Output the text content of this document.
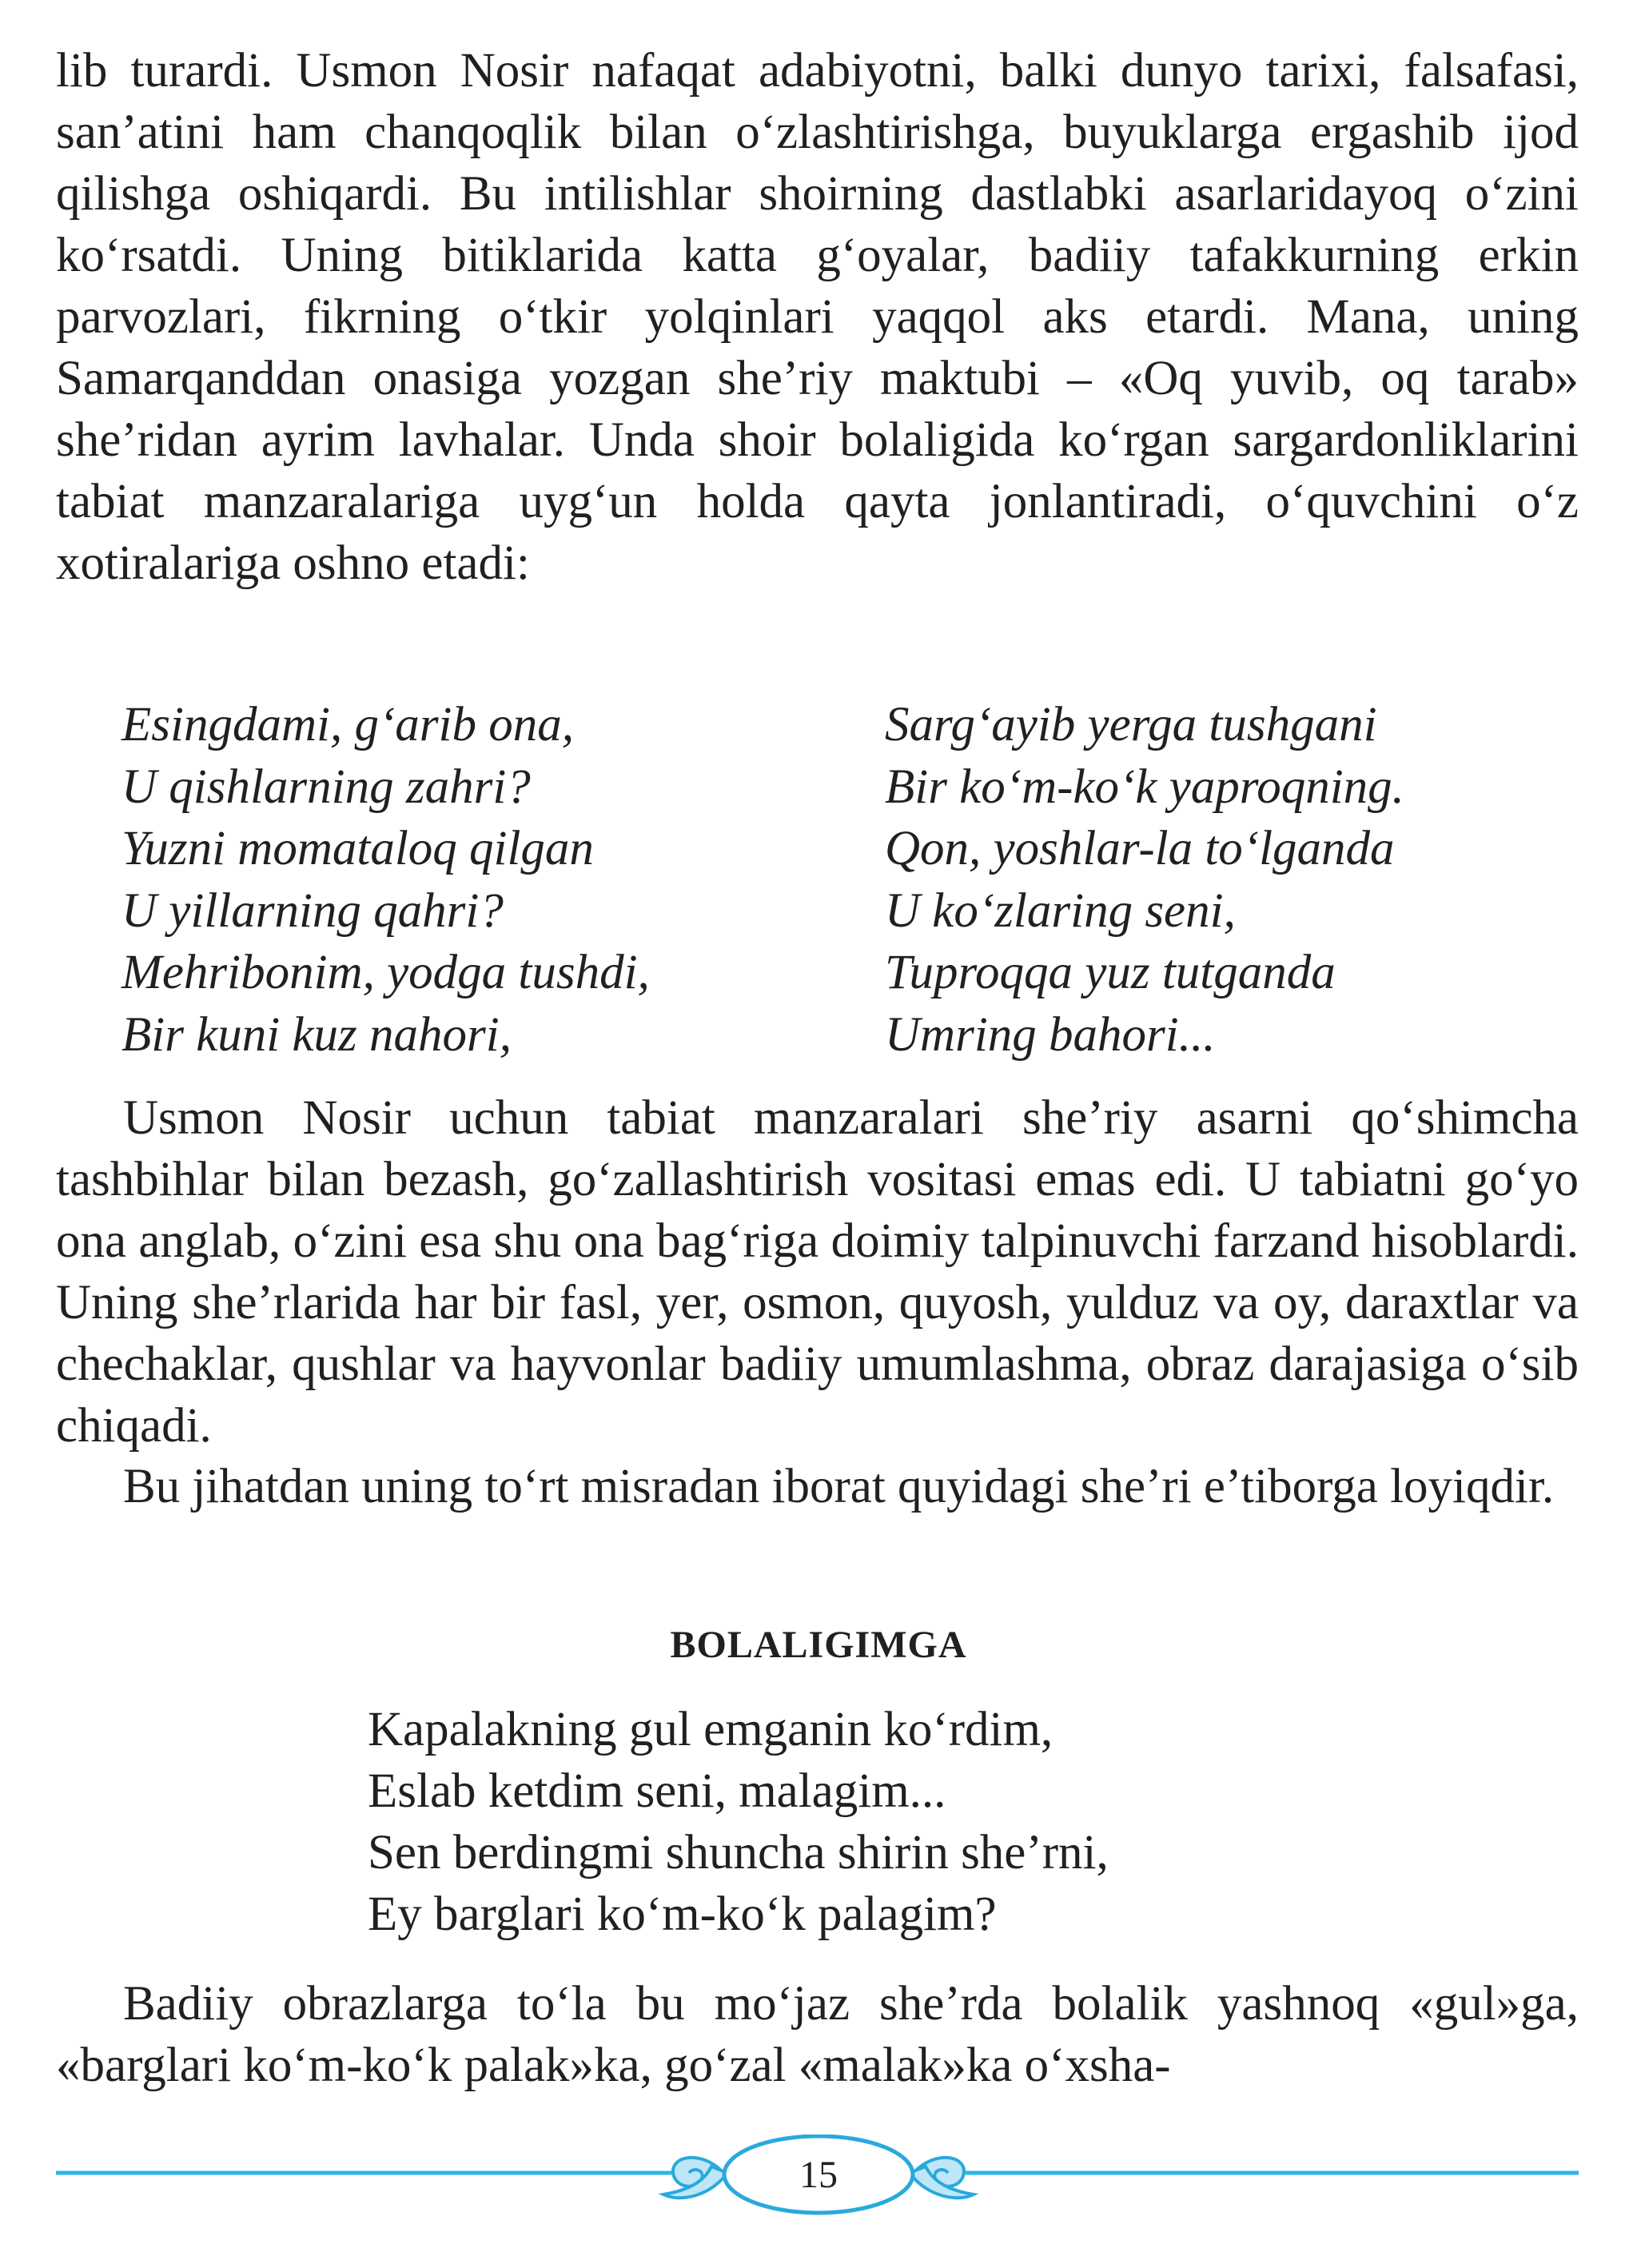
lib turardi. Usmon Nosir nafaqat adabiyotni, balki dunyo tarixi, falsafasi, san’atini ham chanqoqlik bilan o‘zlashtirishga, buyuklarga ergashib ijod qilishga oshiqardi. Bu intilishlar shoirning dastlabki asarlaridayoq o‘zini ko‘rsatdi. Uning bitiklarida katta g‘oyalar, badiiy tafakkurning erkin parvozlari, fikrning o‘tkir yolqinlari yaqqol aks etardi. Mana, uning Samarqanddan onasiga yozgan she’riy maktubi – «Oq yuvib, oq tarab» she’ridan ayrim lavhalar. Unda shoir bolaligida ko‘rgan sargardonliklarini tabiat manzaralariga uyg‘un holda qayta jonlantiradi, o‘quvchini o‘z xotiralariga oshno etadi:

Esingdami, g‘arib ona,
U qishlarning zahri?
Yuzni momataloq qilgan
U yillarning qahri?
Mehribonim, yodga tushdi,
Bir kuni kuz nahori,
Sarg‘ayib yerga tushgani
Bir ko‘m-ko‘k yaproqning.
Qon, yoshlar-la to‘lganda
U ko‘zlaring seni,
Tuproqqa yuz tutganda
Umring bahori...

Usmon Nosir uchun tabiat manzaralari she’riy asarni qo‘shimcha tashbihlar bilan bezash, go‘zallashtirish vositasi emas edi. U tabiatni go‘yo ona anglab, o‘zini esa shu ona bag‘riga doimiy talpinuvchi farzand hisoblardi. Uning she’rlarida har bir fasl, yer, osmon, quyosh, yulduz va oy, daraxtlar va chechaklar, qushlar va hayvonlar badiiy umumlashma, obraz darajasiga o‘sib chiqadi.

Bu jihatdan uning to‘rt misradan iborat quyidagi she’ri e’tiborga loyiqdir.

BOLALIGIMGA
Kapalakning gul emganin ko‘rdim,
Eslab ketdim seni, malagim...
Sen berdingmi shuncha shirin she’rni,
Ey barglari ko‘m-ko‘k palagim?

Badiiy obrazlarga to‘la bu mo‘jaz she’rda bolalik yashnoq «gul»ga, «barglari ko‘m-ko‘k palak»ka, go‘zal «malak»ka o‘xsha-

15
